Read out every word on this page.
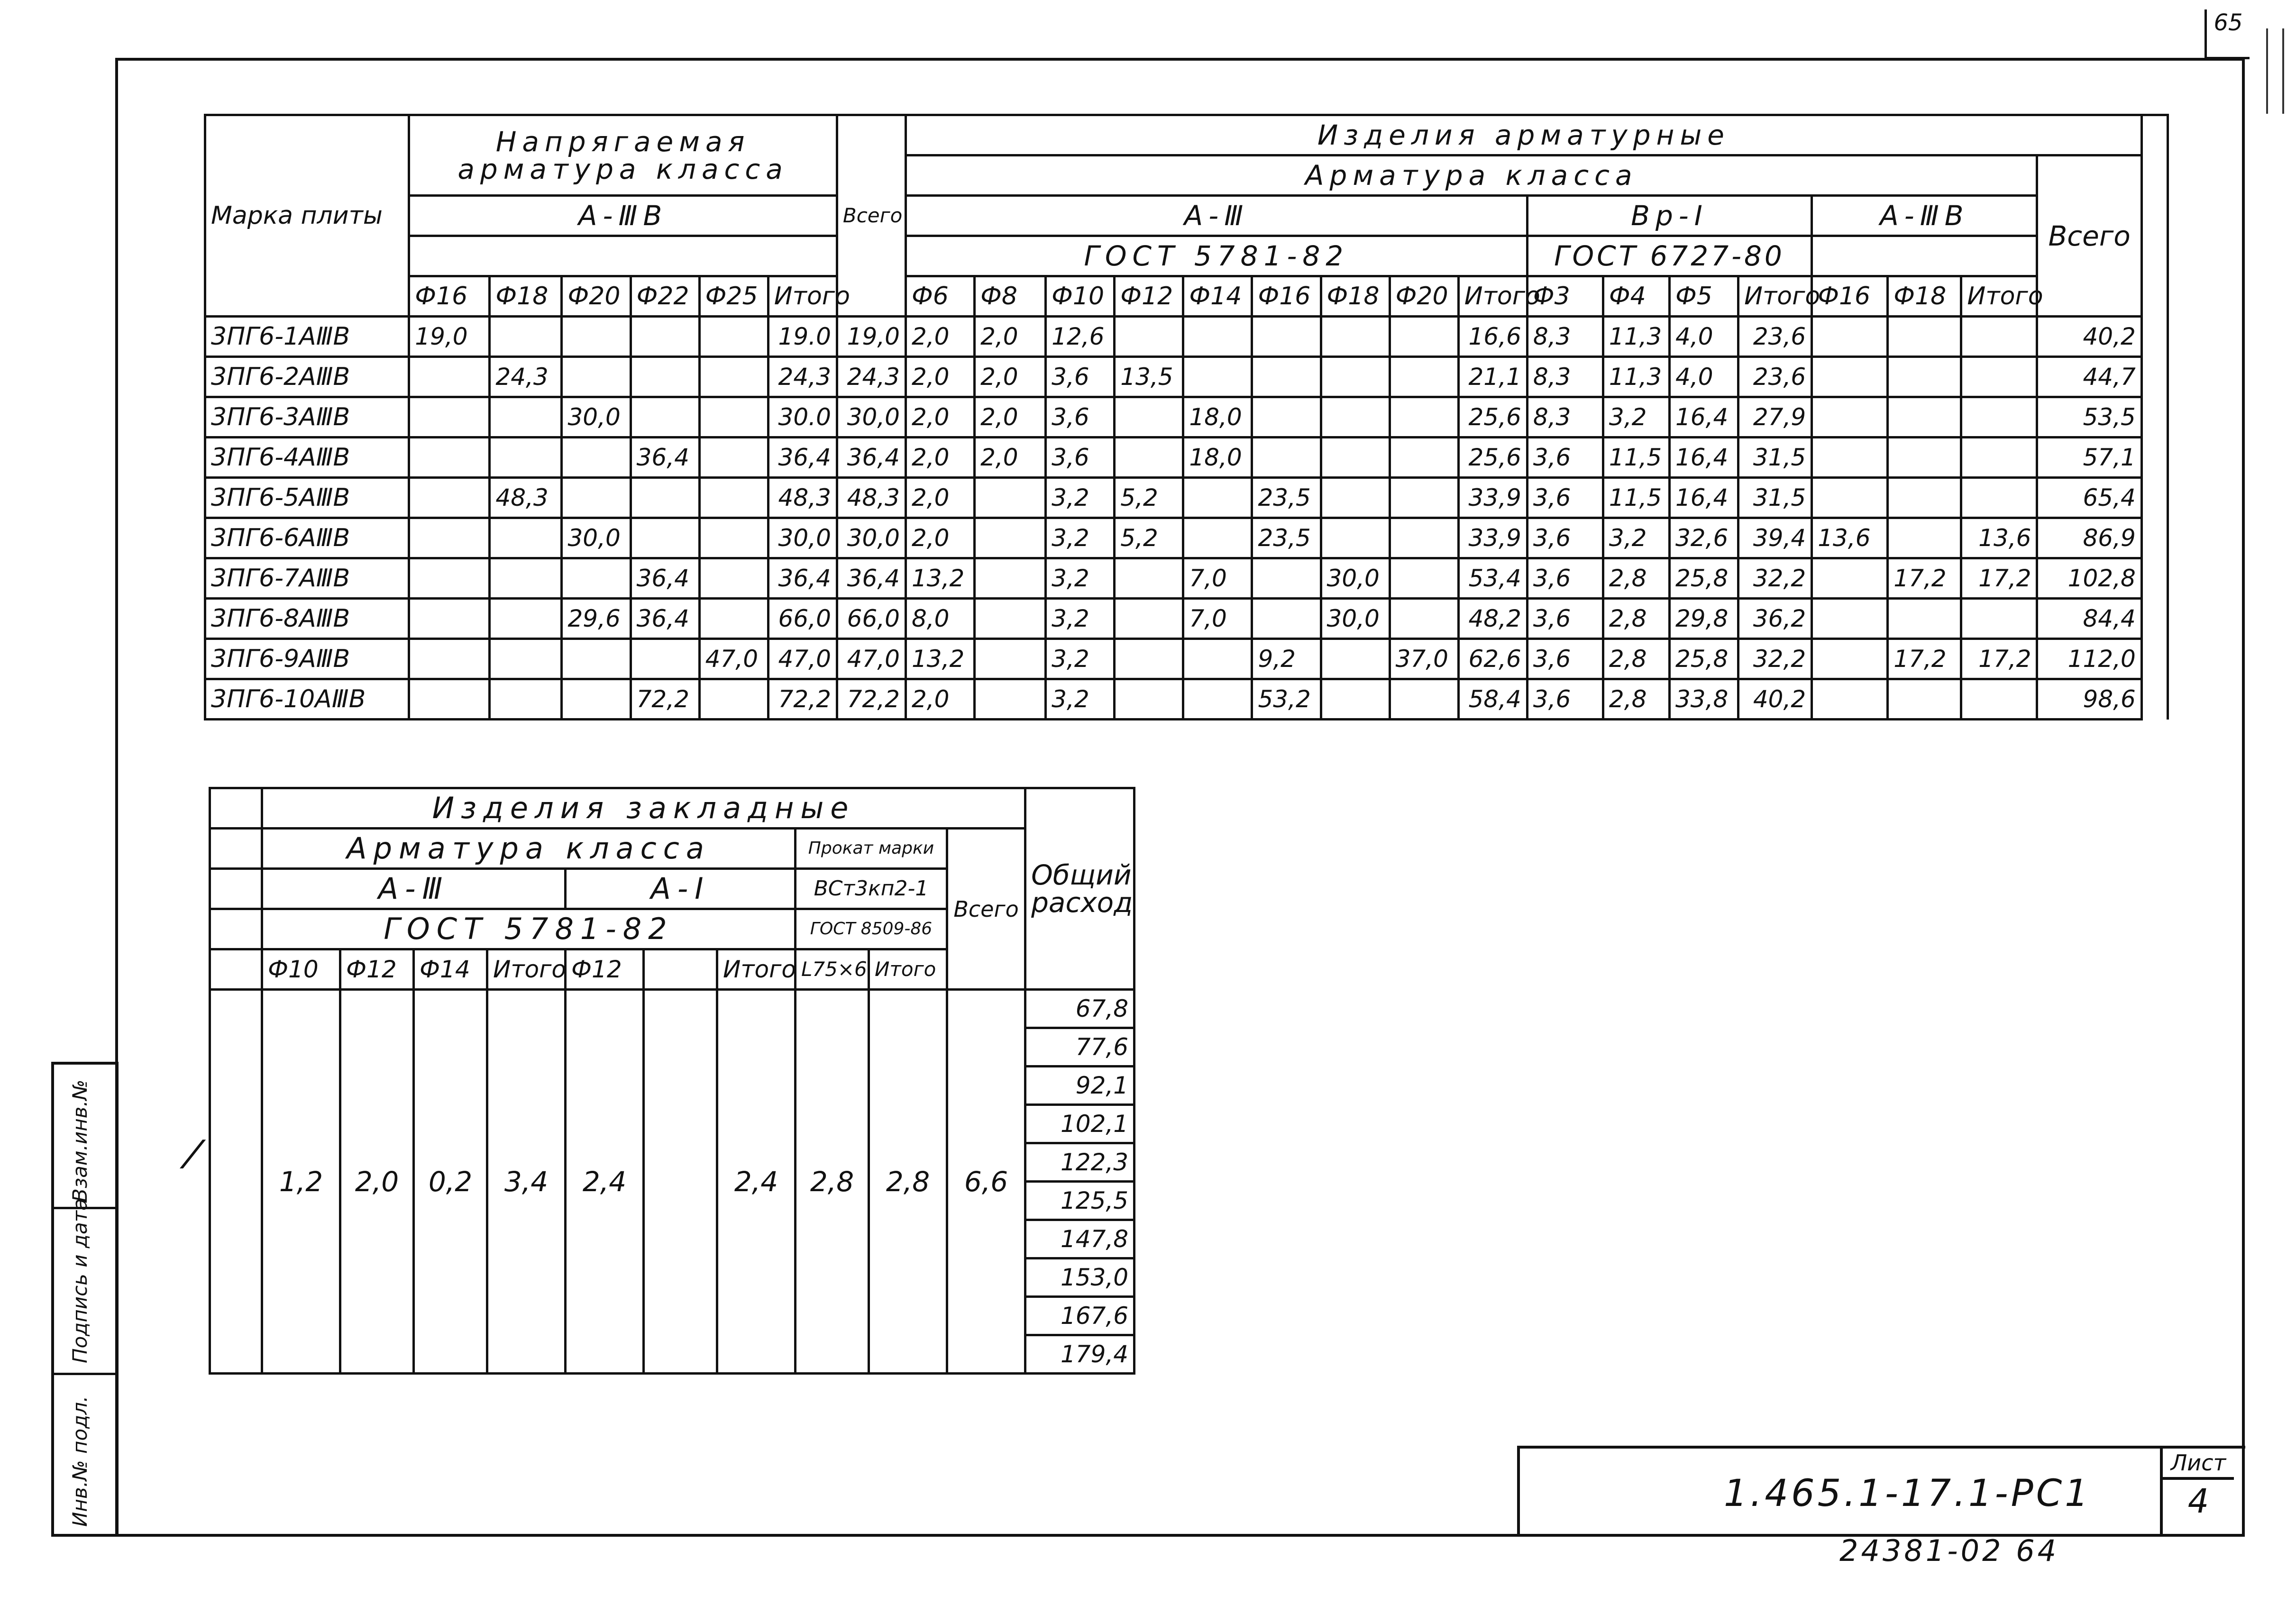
65
Марка плиты	Напрягаемая арматура класса						Всего	Изделия арматурные																	
								Арматура класса																Всего	
	А-ⅢВ							А-Ⅲ									Вр-Ⅰ				А-ⅢВ				
								ГОСТ 5781-82									ГОСТ 6727-80								
	Ф16	Ф18	Ф20	Ф22	Ф25	Итого		Ф6	Ф8	Ф10	Ф12	Ф14	Ф16	Ф18	Ф20	Итого	Ф3	Ф4	Ф5	Итого	Ф16	Ф18	Итого		
3ПГ6-1АⅢВ	19,0					19.0	19,0	2,0	2,0	12,6						16,6	8,3	11,3	4,0	23,6				40,2	
3ПГ6-2АⅢВ		24,3				24,3	24,3	2,0	2,0	3,6	13,5					21,1	8,3	11,3	4,0	23,6				44,7	
3ПГ6-3АⅢВ			30,0			30.0	30,0	2,0	2,0	3,6		18,0				25,6	8,3	3,2	16,4	27,9				53,5	
3ПГ6-4АⅢВ				36,4		36,4	36,4	2,0	2,0	3,6		18,0				25,6	3,6	11,5	16,4	31,5				57,1	
3ПГ6-5АⅢВ		48,3				48,3	48,3	2,0		3,2	5,2		23,5			33,9	3,6	11,5	16,4	31,5				65,4	
3ПГ6-6АⅢВ			30,0			30,0	30,0	2,0		3,2	5,2		23,5			33,9	3,6	3,2	32,6	39,4	13,6		13,6	86,9	
3ПГ6-7АⅢВ				36,4		36,4	36,4	13,2		3,2		7,0		30,0		53,4	3,6	2,8	25,8	32,2		17,2	17,2	102,8	
3ПГ6-8АⅢВ			29,6	36,4		66,0	66,0	8,0		3,2		7,0		30,0		48,2	3,6	2,8	29,8	36,2				84,4	
3ПГ6-9АⅢВ					47,0	47,0	47,0	13,2		3,2			9,2		37,0	62,6	3,6	2,8	25,8	32,2		17,2	17,2	112,0	
3ПГ6-10АⅢВ				72,2		72,2	72,2	2,0		3,2			53,2			58,4	3,6	2,8	33,8	40,2				98,6	
	Изделия закладные										Общий расход
	Арматура класса							Прокат марки		Всего	
	А-Ⅲ				А-Ⅰ			ВСт3кп2-1			
	ГОСТ 5781-82							ГОСТ 8509-86			
	Ф10	Ф12	Ф14	Итого	Ф12		Итого	L75×6	Итого		
	1,2	2,0	0,2	3,4	2,4		2,4	2,8	2,8	6,6	67,8
											77,6
											92,1
											102,1
											122,3
											125,5
											147,8
											153,0
											167,6
											179,4
⁄
1.465.1-17.1-РС1
Лист
4
24381-02 64
Взам.инв.№
Подпись и дата
Инв.№ подл.
